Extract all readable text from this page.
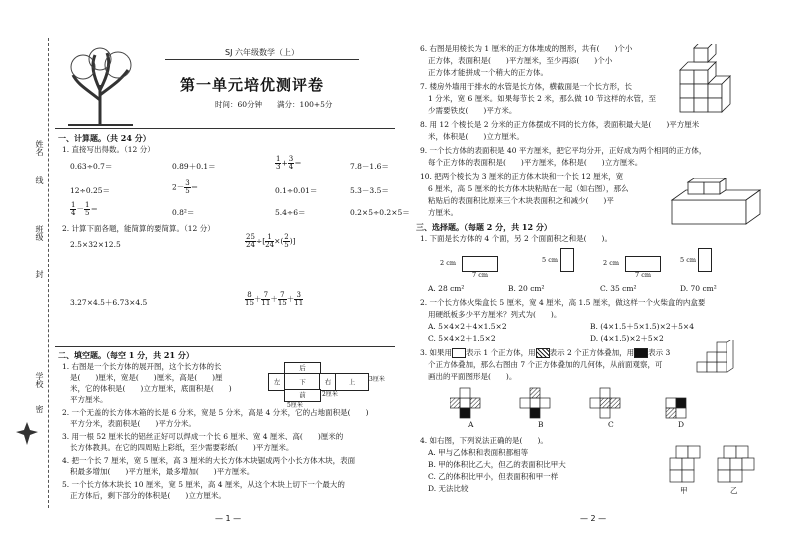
姓名
线
班级
封
学校
密
SJ 六年级数学（上）
第一单元培优测评卷
时间：60分钟　　满分：100+5分
一、计算题。（共 24 分）
1. 直接写出得数。（12 分）
0.63÷0.7＝	0.89＋0.1＝	$\frac{1}{3} + \frac{3}{4}$ ＝	7.8－1.6＝
12÷0.25＝	$2- \frac{3}{5}$ ＝	0.1÷0.01＝	5.3－3.5＝
$\frac{1}{4} - \frac{1}{5}$ ＝	0.8²＝	5.4÷6＝	0.2×5÷0.2×5＝
2. 计算下面各题，能简算的要简算。（12 分）
2.5×32×12.5	$\frac{25}{24}$ ÷[ $\frac{1}{24}$ ×( $\frac{2}{5}$ )]
3.27×4.5＋6.73×4.5	$\frac{8}{15} + \frac{7}{11} + \frac{7}{15} + \frac{3}{11}$
二、填空题。（每空 1 分，共 21 分）
1. 右图是一个长方体的展开图，这个长方体的长
是(　　)厘米，宽是(　　)厘米，高是(　　)厘
米，它的体积是(　　)立方厘米，底面积是(　　)
平方厘米。
后
左	下	右	上
前
3厘米
2厘米
5厘米
2. 一个无盖的长方体木箱的长是 6 分米，宽是 5 分米，高是 4 分米，它的占地面积是(　　)
平方分米，表面积是(　　)平方分米。
3. 用一根 52 厘米长的铝丝正好可以焊成一个长 6 厘米、宽 4 厘米、高(　　)厘米的
长方体教具。在它的四周贴上彩纸，至少需要彩纸(　　)平方厘米。
4. 把一个长 7 厘米，宽 5 厘米，高 3 厘米的大长方体木块锯成两个小长方体木块，表面
积最多增加(　　)平方厘米，最多增加(　　)平方厘米。
5. 一个长方体木块长 10 厘米，宽 5 厘米，高 4 厘米，从这个木块上切下一个最大的
正方体后，剩下部分的体积是(　　)立方厘米。
— 1 —
6. 右图是用棱长为 1 厘米的正方体堆成的图形，共有(　　)个小
正方体，表面积是(　　)平方厘米，至少再添(　　)个小
正方体才能拼成一个稍大的正方体。
7. 楼房外墙用于排水的水管是长方体，横截面是一个长方形，长
1 分米，宽 6 厘米。如果每节长 2 米，那么做 10 节这样的水管，至
少需要铁皮(　　)平方米。
8. 用 12 个棱长是 2 分米的正方体摆成不同的长方体，表面积最大是(　　)平方厘米
米，体积是(　　)立方厘米。
9. 一个长方体的表面积是 40 平方厘米，把它平均分开，正好成为两个相同的正方体，
每个正方体的表面积是(　　)平方厘米，体积是(　　)立方厘米。
10. 把两个棱长为 3 厘米的正方体木块和一个长 12 厘米，宽
6 厘米，高 5 厘米的长方体木块粘贴在一起（如右图），那么
粘贴后的表面积比原来三个木块表面积之和减少(　　)平
方厘米。
三、选择题。（每题 2 分，共 12 分）
1. 下面是长方体的 4 个面，另 2 个面面积之和是(　　)。
2 cm
7 cm
5 cm	2 cm
7 cm
5 cm
A. 28 cm²	B. 20 cm²	C. 35 cm²	D. 70 cm²
2. 一个长方体火柴盒长 5 厘米，宽 4 厘米，高 1.5 厘米，做这样一个火柴盒的内盒要
用硬纸板多少平方厘米？列式为(　　)。
A. 5×4×2＋4×1.5×2	B. (4×1.5＋5×1.5)×2＋5×4
C. 5×4×2＋1.5×2	D. (4×1.5)×2＋5×2
3. 如果用 表示 1 个正方体，用 表示 2 个正方体叠加，用 表示 3
个正方体叠加，那么右图由 7 个正方体叠加的几何体，从前面观察，可
画出的平面图形是(　　)。
A	B	C	D
4. 如右图，下列说法正确的是(　　)。
A. 甲与乙体积和表面积都相等
B. 甲的体积比乙大，但乙的表面积比甲大
C. 乙的体积比甲小，但表面积和甲一样
D. 无法比较	甲	乙
— 2 —
